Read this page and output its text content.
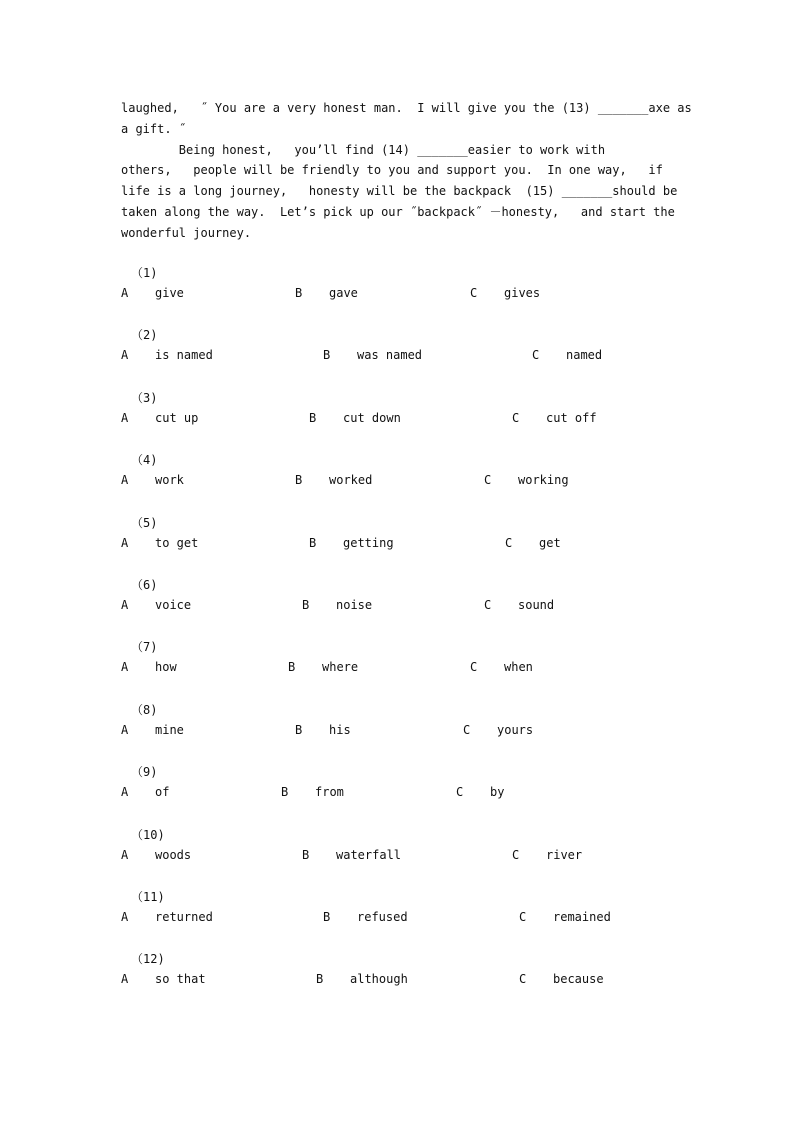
laughed,   ˝ You are a very honest man.  I will give you the (13) _______axe as
a gift. ˝
Being honest,   you’ll find (14) _______easier to work with
others,   people will be friendly to you and support you.  In one way,   if
life is a long journey,   honesty will be the backpack  (15) _______should be
taken along the way.  Let’s pick up our ˝backpack˝ －honesty,   and start the
wonderful journey.
（1)
A give	B gave	C gives
（2)
A is named	B was named	C named
（3)
A cut up	B cut down	C cut off
（4)
A work	B worked	C working
（5)
A to get	B getting	C get
（6)
A voice	B noise	C sound
（7)
A how	B where	C when
（8)
A mine	B his	C yours
（9)
A of	B from	C by
（10)
A woods	B waterfall	C river
（11)
A returned	B refused	C remained
（12)
A so that	B although	C because
